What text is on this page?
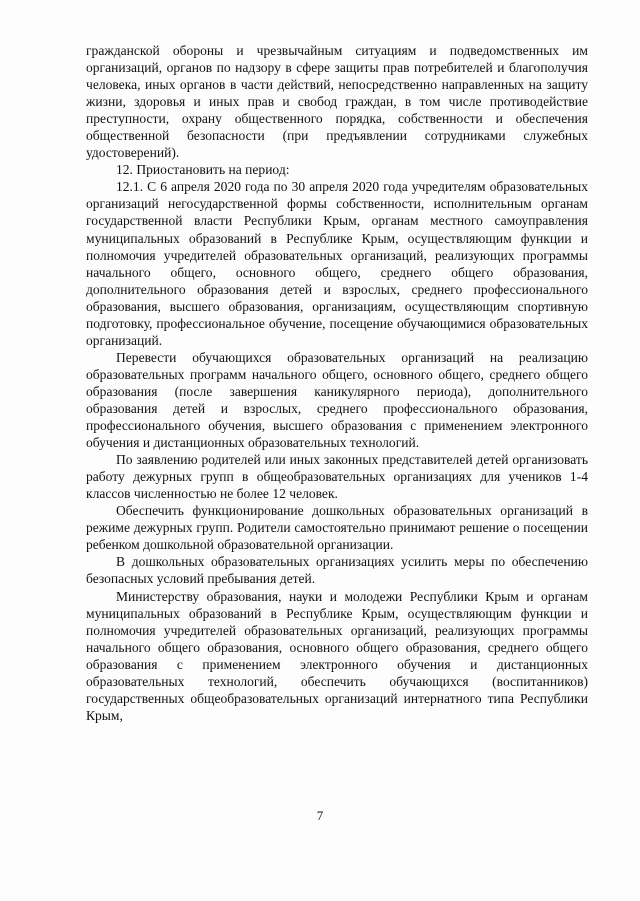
гражданской обороны и чрезвычайным ситуациям и подведомственных им организаций, органов по надзору в сфере защиты прав потребителей и благополучия человека, иных органов в части действий, непосредственно направленных на защиту жизни, здоровья и иных прав и свобод граждан, в том числе противодействие преступности, охрану общественного порядка, собственности и обеспечения общественной безопасности (при предъявлении сотрудниками служебных удостоверений).

12. Приостановить на период:

12.1. С 6 апреля 2020 года по 30 апреля 2020 года учредителям образовательных организаций негосударственной формы собственности, исполнительным органам государственной власти Республики Крым, органам местного самоуправления муниципальных образований в Республике Крым, осуществляющим функции и полномочия учредителей образовательных организаций, реализующих программы начального общего, основного общего, среднего общего образования, дополнительного образования детей и взрослых, среднего профессионального образования, высшего образования, организациям, осуществляющим спортивную подготовку, профессиональное обучение, посещение обучающимися образовательных организаций.

Перевести обучающихся образовательных организаций на реализацию образовательных программ начального общего, основного общего, среднего общего образования (после завершения каникулярного периода), дополнительного образования детей и взрослых, среднего профессионального образования, профессионального обучения, высшего образования с применением электронного обучения и дистанционных образовательных технологий.

По заявлению родителей или иных законных представителей детей организовать работу дежурных групп в общеобразовательных организациях для учеников 1-4 классов численностью не более 12 человек.

Обеспечить функционирование дошкольных образовательных организаций в режиме дежурных групп. Родители самостоятельно принимают решение о посещении ребенком дошкольной образовательной организации.

В дошкольных образовательных организациях усилить меры по обеспечению безопасных условий пребывания детей.

Министерству образования, науки и молодежи Республики Крым и органам муниципальных образований в Республике Крым, осуществляющим функции и полномочия учредителей образовательных организаций, реализующих программы начального общего образования, основного общего образования, среднего общего образования с применением электронного обучения и дистанционных образовательных технологий, обеспечить обучающихся (воспитанников) государственных общеобразовательных организаций интернатного типа Республики Крым,

7
